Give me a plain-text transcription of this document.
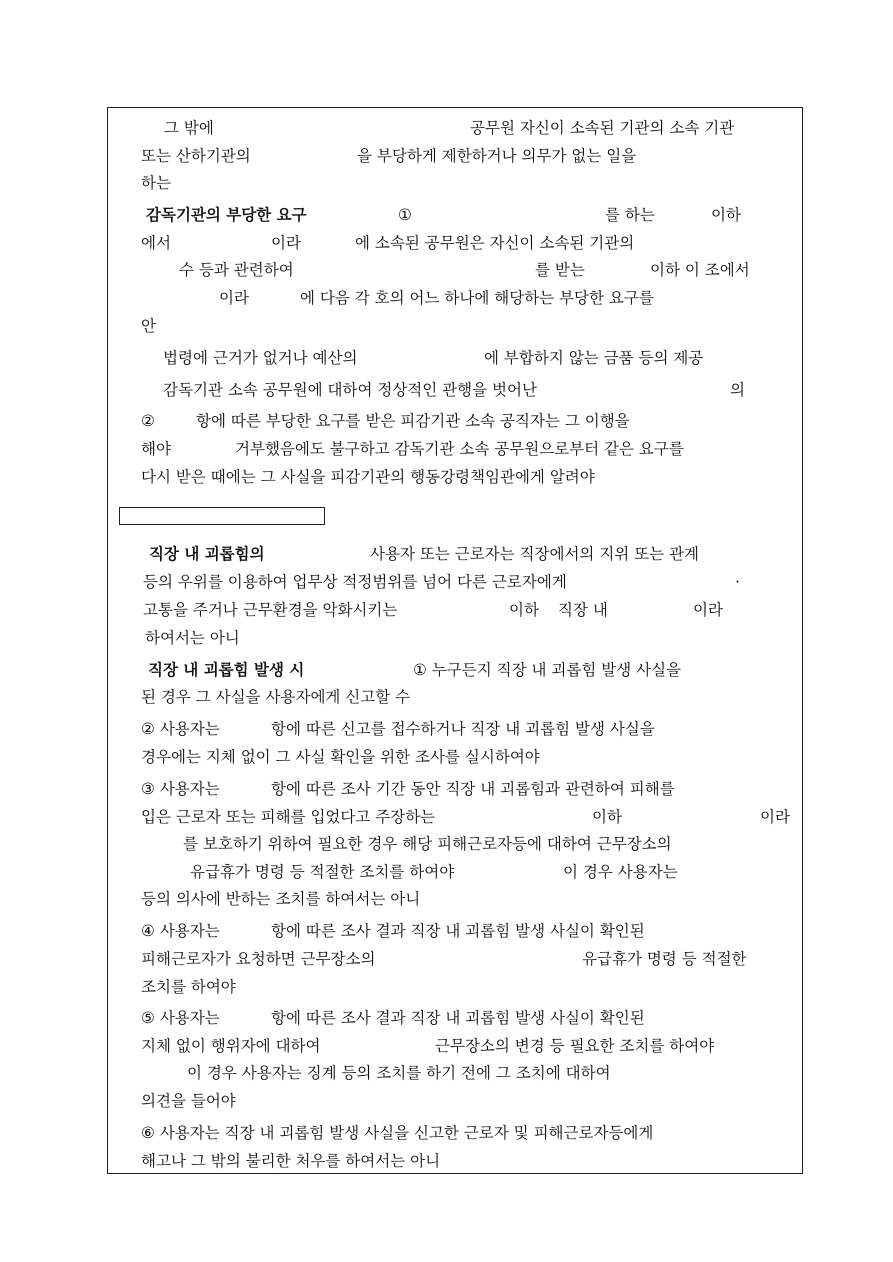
그 밖에	공무원 자신이 소속된 기관의 소속 기관
또는 산하기관의	을 부당하게 제한하거나 의무가 없는 일을
하는
감독기관의 부당한 요구	①	를 하는	이하
에서	이라	에 소속된 공무원은 자신이 소속된 기관의
수 등과 관련하여	를 받는	이하 이 조에서
이라	에 다음 각 호의 어느 하나에 해당하는 부당한 요구를
안
법령에 근거가 없거나 예산의	에 부합하지 않는 금품 등의 제공
감독기관 소속 공무원에 대하여 정상적인 관행을 벗어난	의
②	항에 따른 부당한 요구를 받은 피감기관 소속 공직자는 그 이행을
해야	거부했음에도 불구하고 감독기관 소속 공무원으로부터 같은 요구를
다시 받은 때에는 그 사실을 피감기관의 행동강령책임관에게 알려야
직장 내 괴롭힘의	사용자 또는 근로자는 직장에서의 지위 또는 관계
등의 우위를 이용하여 업무상 적정범위를 넘어 다른 근로자에게	·
고통을 주거나 근무환경을 악화시키는	이하 직장 내	이라
하여서는 아니
직장 내 괴롭힘 발생 시	① 누구든지 직장 내 괴롭힘 발생 사실을
된 경우 그 사실을 사용자에게 신고할 수
② 사용자는	항에 따른 신고를 접수하거나 직장 내 괴롭힘 발생 사실을
경우에는 지체 없이 그 사실 확인을 위한 조사를 실시하여야
③ 사용자는	항에 따른 조사 기간 동안 직장 내 괴롭힘과 관련하여 피해를
입은 근로자 또는 피해를 입었다고 주장하는	이하	이라
를 보호하기 위하여 필요한 경우 해당 피해근로자등에 대하여 근무장소의
유급휴가 명령 등 적절한 조치를 하여야	이 경우 사용자는
등의 의사에 반하는 조치를 하여서는 아니
④ 사용자는	항에 따른 조사 결과 직장 내 괴롭힘 발생 사실이 확인된
피해근로자가 요청하면 근무장소의	유급휴가 명령 등 적절한
조치를 하여야
⑤ 사용자는	항에 따른 조사 결과 직장 내 괴롭힘 발생 사실이 확인된
지체 없이 행위자에 대하여	근무장소의 변경 등 필요한 조치를 하여야
이 경우 사용자는 징계 등의 조치를 하기 전에 그 조치에 대하여
의견을 들어야
⑥ 사용자는 직장 내 괴롭힘 발생 사실을 신고한 근로자 및 피해근로자등에게
해고나 그 밖의 불리한 처우를 하여서는 아니
